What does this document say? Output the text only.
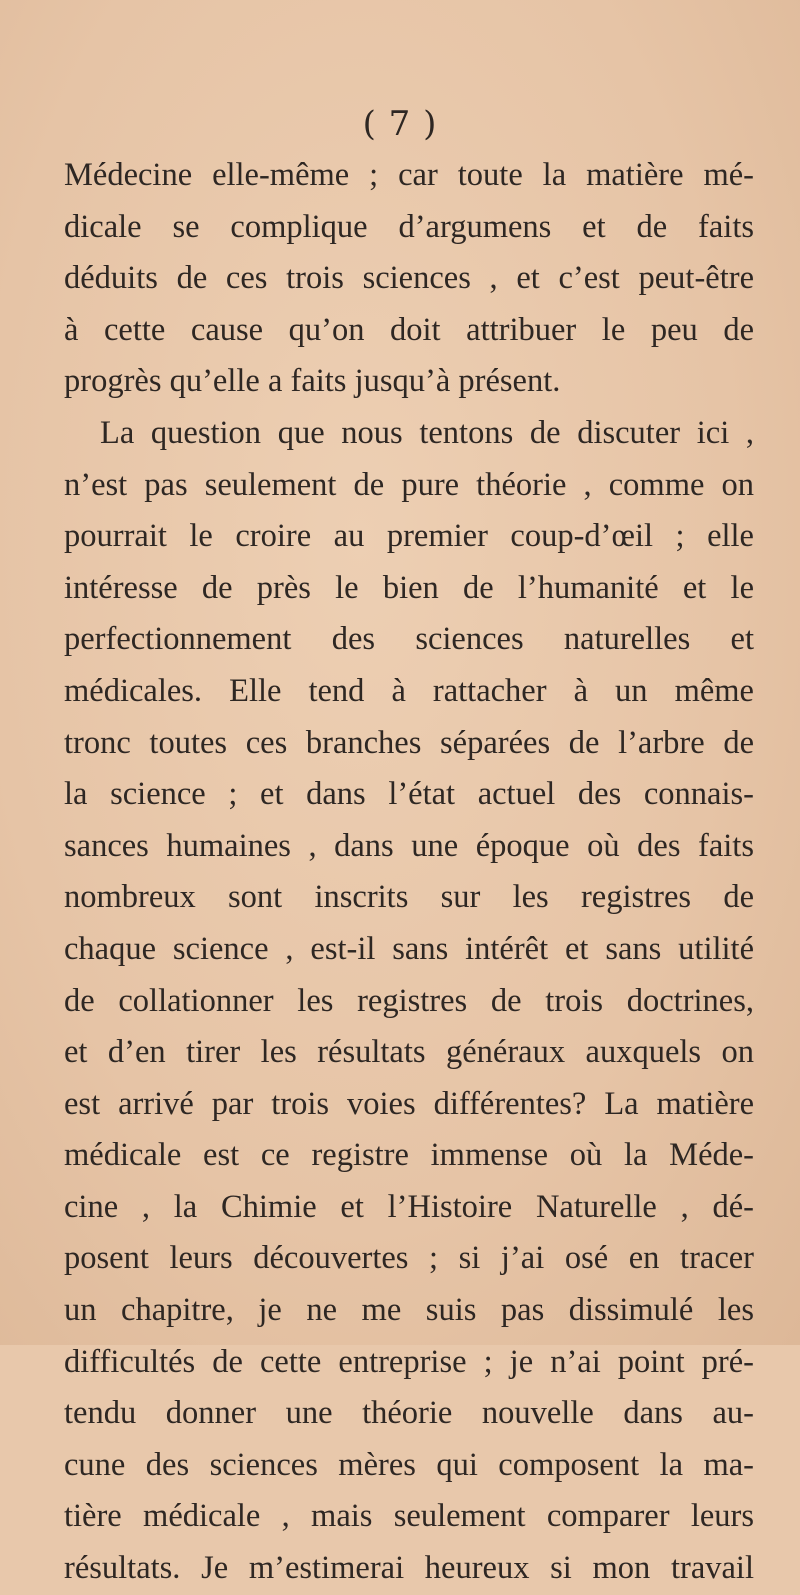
( 7 )
Médecine elle-même ; car toute la matière mé-
dicale se complique d’argumens et de faits
déduits de ces trois sciences , et c’est peut-être
à cette cause qu’on doit attribuer le peu de
progrès qu’elle a faits jusqu’à présent.
La question que nous tentons de discuter ici ,
n’est pas seulement de pure théorie , comme on
pourrait le croire au premier coup-d’œil ; elle
intéresse de près le bien de l’humanité et le
perfectionnement des sciences naturelles et
médicales. Elle tend à rattacher à un même
tronc toutes ces branches séparées de l’arbre de
la science ; et dans l’état actuel des connais-
sances humaines , dans une époque où des faits
nombreux sont inscrits sur les registres de
chaque science , est-il sans intérêt et sans utilité
de collationner les registres de trois doctrines,
et d’en tirer les résultats généraux auxquels on
est arrivé par trois voies différentes? La matière
médicale est ce registre immense où la Méde-
cine , la Chimie et l’Histoire Naturelle , dé-
posent leurs découvertes ; si j’ai osé en tracer
un chapitre, je ne me suis pas dissimulé les
difficultés de cette entreprise ; je n’ai point pré-
tendu donner une théorie nouvelle dans au-
cune des sciences mères qui composent la ma-
tière médicale , mais seulement comparer leurs
résultats. Je m’estimerai heureux si mon travail
